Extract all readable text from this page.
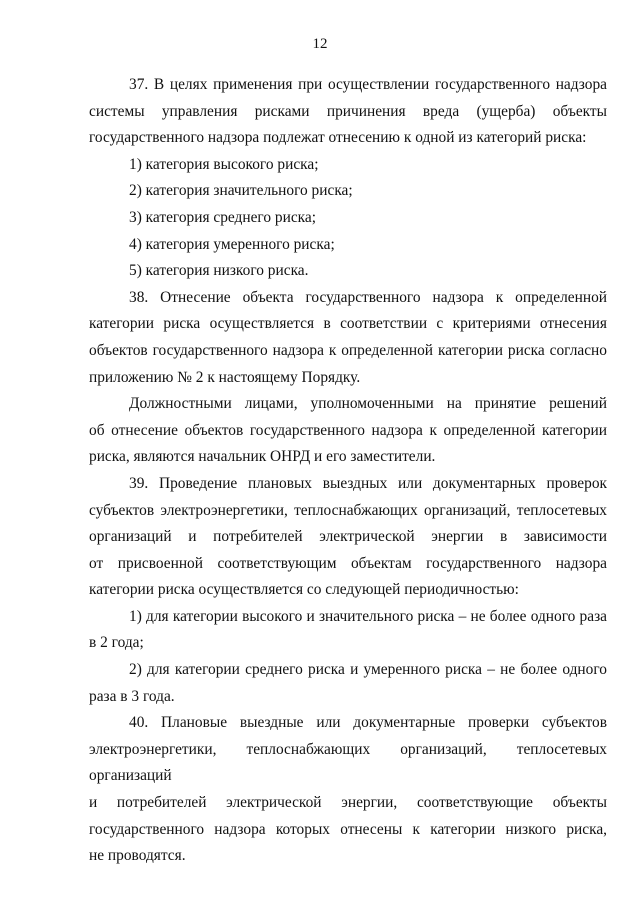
12
37. В целях применения при осуществлении государственного надзора
системы управления рисками причинения вреда (ущерба) объекты
государственного надзора подлежат отнесению к одной из категорий риска:
1) категория высокого риска;
2) категория значительного риска;
3) категория среднего риска;
4) категория умеренного риска;
5) категория низкого риска.
38. Отнесение объекта государственного надзора к определенной
категории риска осуществляется в соответствии с критериями отнесения
объектов государственного надзора к определенной категории риска согласно
приложению № 2 к настоящему Порядку.
Должностными лицами, уполномоченными на принятие решений
об отнесение объектов государственного надзора к определенной категории
риска, являются начальник ОНРД и его заместители.
39. Проведение плановых выездных или документарных проверок
субъектов электроэнергетики, теплоснабжающих организаций, теплосетевых
организаций и потребителей электрической энергии в зависимости
от присвоенной соответствующим объектам государственного надзора
категории риска осуществляется со следующей периодичностью:
1) для категории высокого и значительного риска – не более одного раза
в 2 года;
2) для категории среднего риска и умеренного риска – не более одного
раза в 3 года.
40. Плановые выездные или документарные проверки субъектов
электроэнергетики, теплоснабжающих организаций, теплосетевых организаций
и потребителей электрической энергии, соответствующие объекты
государственного надзора которых отнесены к категории низкого риска,
не проводятся.
